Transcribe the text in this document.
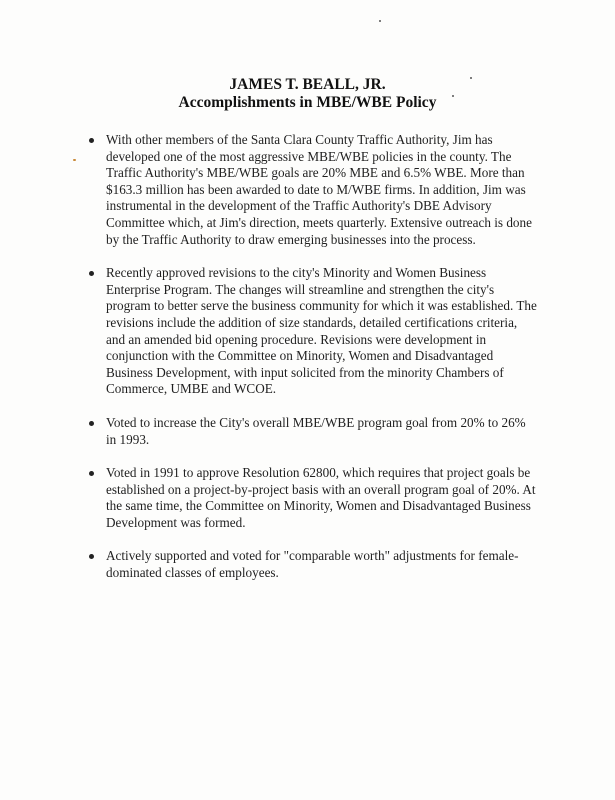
JAMES T. BEALL, JR.
Accomplishments in MBE/WBE Policy
With other members of the Santa Clara County Traffic Authority, Jim has developed one of the most aggressive MBE/WBE policies in the county. The Traffic Authority's MBE/WBE goals are 20% MBE and 6.5% WBE. More than $163.3 million has been awarded to date to M/WBE firms. In addition, Jim was instrumental in the development of the Traffic Authority's DBE Advisory Committee which, at Jim's direction, meets quarterly. Extensive outreach is done by the Traffic Authority to draw emerging businesses into the process.
Recently approved revisions to the city's Minority and Women Business Enterprise Program. The changes will streamline and strengthen the city's program to better serve the business community for which it was established. The revisions include the addition of size standards, detailed certifications criteria, and an amended bid opening procedure. Revisions were development in conjunction with the Committee on Minority, Women and Disadvantaged Business Development, with input solicited from the minority Chambers of Commerce, UMBE and WCOE.
Voted to increase the City's overall MBE/WBE program goal from 20% to 26% in 1993.
Voted in 1991 to approve Resolution 62800, which requires that project goals be established on a project-by-project basis with an overall program goal of 20%. At the same time, the Committee on Minority, Women and Disadvantaged Business Development was formed.
Actively supported and voted for "comparable worth" adjustments for female-dominated classes of employees.
